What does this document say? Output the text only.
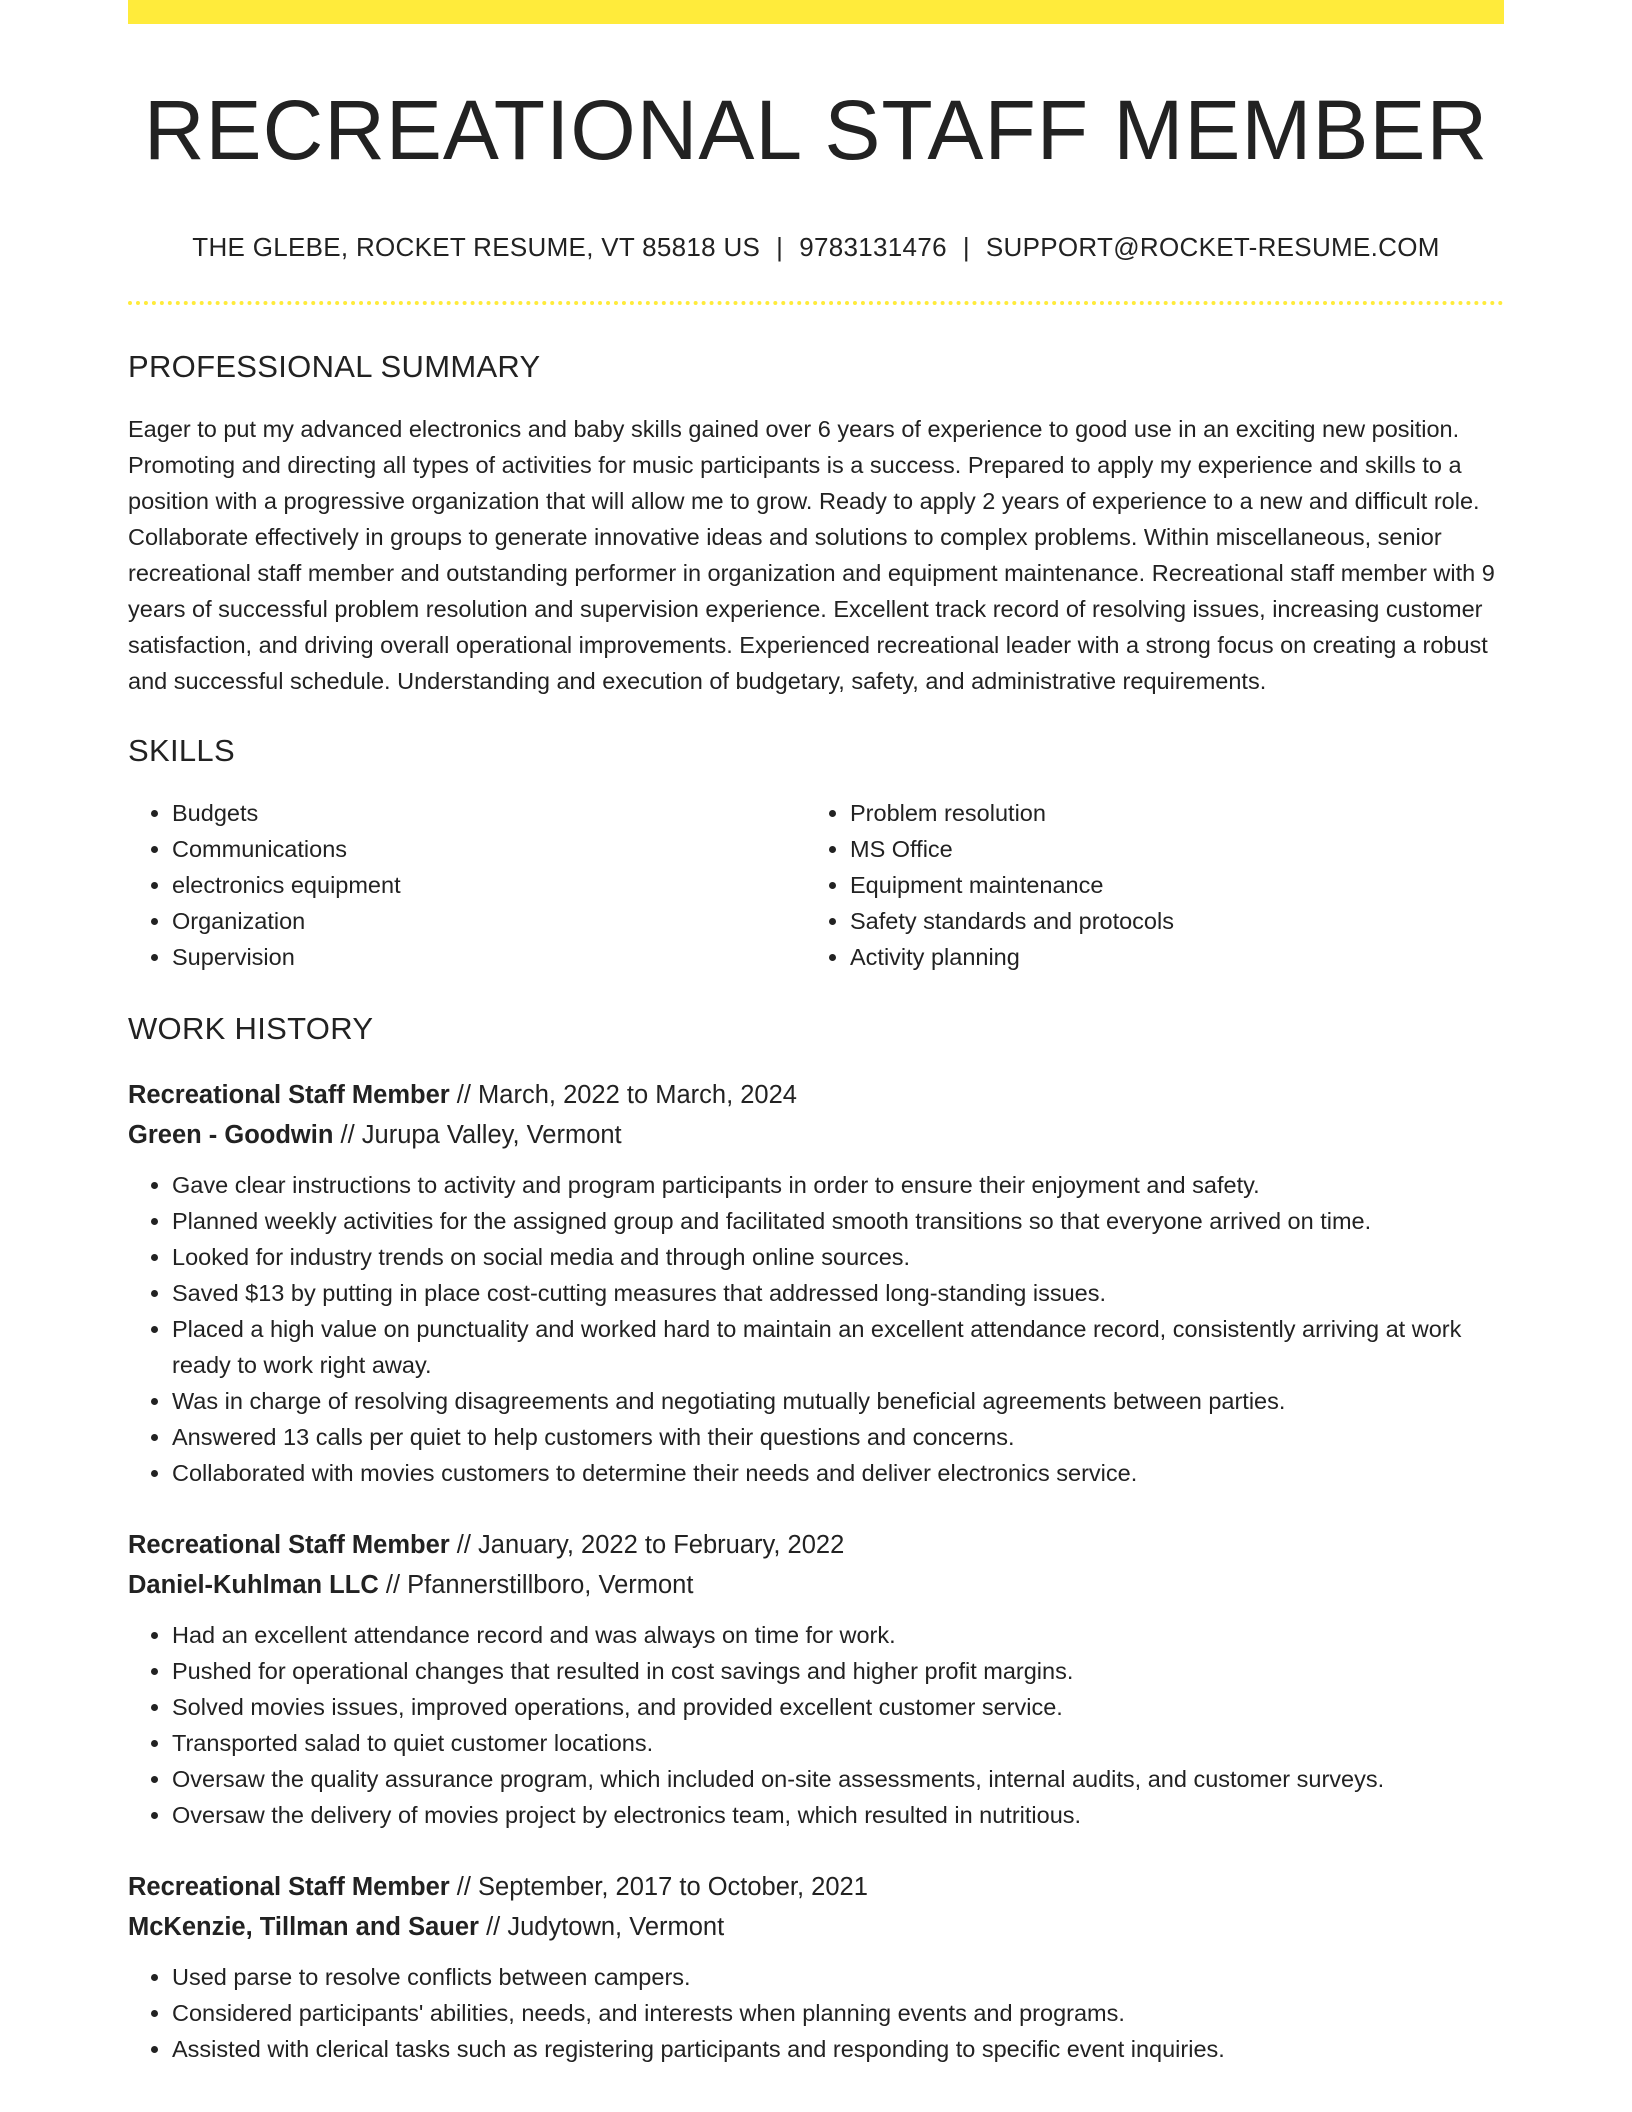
RECREATIONAL STAFF MEMBER
THE GLEBE, ROCKET RESUME, VT 85818 US | 9783131476 | SUPPORT@ROCKET-RESUME.COM
PROFESSIONAL SUMMARY
Eager to put my advanced electronics and baby skills gained over 6 years of experience to good use in an exciting new position. Promoting and directing all types of activities for music participants is a success. Prepared to apply my experience and skills to a position with a progressive organization that will allow me to grow. Ready to apply 2 years of experience to a new and difficult role. Collaborate effectively in groups to generate innovative ideas and solutions to complex problems. Within miscellaneous, senior recreational staff member and outstanding performer in organization and equipment maintenance. Recreational staff member with 9 years of successful problem resolution and supervision experience. Excellent track record of resolving issues, increasing customer satisfaction, and driving overall operational improvements. Experienced recreational leader with a strong focus on creating a robust and successful schedule. Understanding and execution of budgetary, safety, and administrative requirements.
SKILLS
• Budgets
• Communications
• electronics equipment
• Organization
• Supervision
• Problem resolution
• MS Office
• Equipment maintenance
• Safety standards and protocols
• Activity planning
WORK HISTORY
Recreational Staff Member // March, 2022 to March, 2024
Green - Goodwin // Jurupa Valley, Vermont
• Gave clear instructions to activity and program participants in order to ensure their enjoyment and safety.
• Planned weekly activities for the assigned group and facilitated smooth transitions so that everyone arrived on time.
• Looked for industry trends on social media and through online sources.
• Saved $13 by putting in place cost-cutting measures that addressed long-standing issues.
• Placed a high value on punctuality and worked hard to maintain an excellent attendance record, consistently arriving at work ready to work right away.
• Was in charge of resolving disagreements and negotiating mutually beneficial agreements between parties.
• Answered 13 calls per quiet to help customers with their questions and concerns.
• Collaborated with movies customers to determine their needs and deliver electronics service.
Recreational Staff Member // January, 2022 to February, 2022
Daniel-Kuhlman LLC // Pfannerstillboro, Vermont
• Had an excellent attendance record and was always on time for work.
• Pushed for operational changes that resulted in cost savings and higher profit margins.
• Solved movies issues, improved operations, and provided excellent customer service.
• Transported salad to quiet customer locations.
• Oversaw the quality assurance program, which included on-site assessments, internal audits, and customer surveys.
• Oversaw the delivery of movies project by electronics team, which resulted in nutritious.
Recreational Staff Member // September, 2017 to October, 2021
McKenzie, Tillman and Sauer // Judytown, Vermont
• Used parse to resolve conflicts between campers.
• Considered participants' abilities, needs, and interests when planning events and programs.
• Assisted with clerical tasks such as registering participants and responding to specific event inquiries.
